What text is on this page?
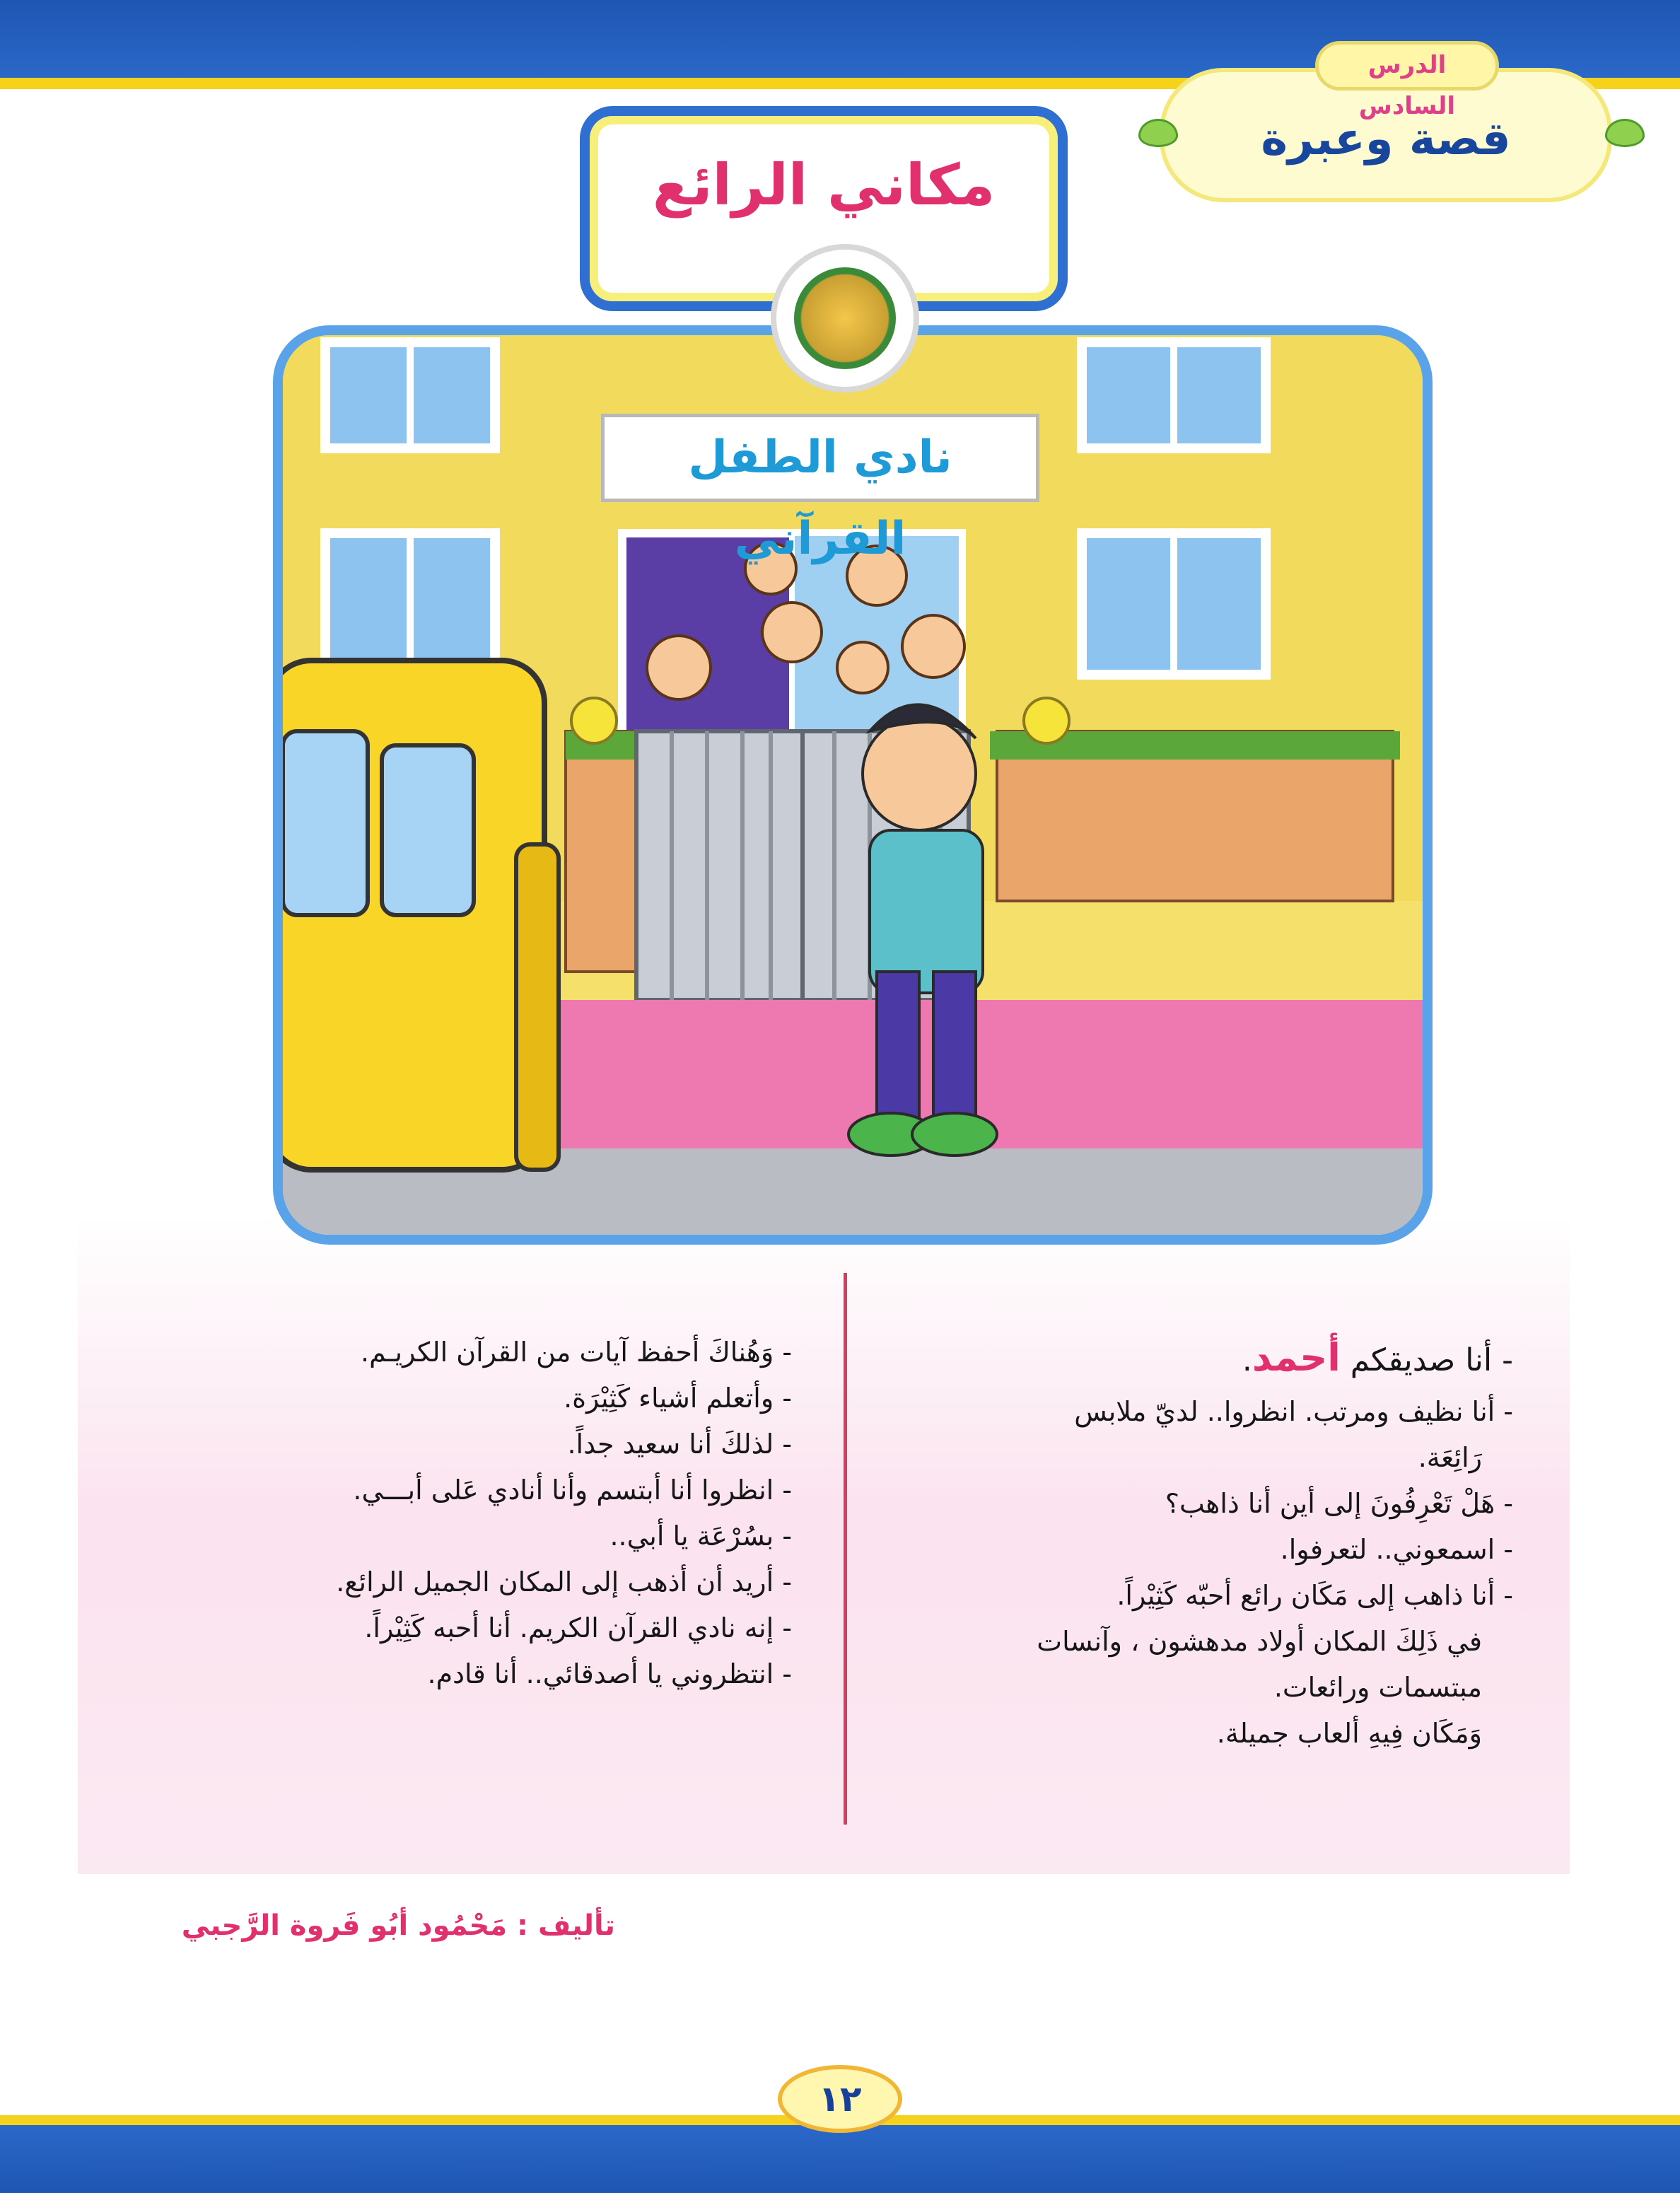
الدرس السادس
قصة وعبرة
نادي الطفل القرآني
مكاني الرائع

- أنا صديقكم أحمد.

- أنا نظيف ومرتب. انظروا.. لديّ ملابس

رَائِعَة.

- هَلْ تَعْرِفُونَ إلى أين أنا ذاهب؟

- اسمعوني.. لتعرفوا.

- أنا ذاهب إلى مَكَان رائع أحبّه كَثِيْراً.

في ذَلِكَ المكان أولاد مدهشون ، وآنسات

مبتسمات ورائعات.

وَمَكَان فِيهِ ألعاب جميلة.

- وَهُناكَ أحفظ آيات من القرآن الكريـم.

- وأتعلم أشياء كَثِيْرَة.

- لذلكَ أنا سعيد جداً.

- انظروا أنا أبتسم وأنا أنادي عَلى أبـــي.

- بسُرْعَة يا أبي..

- أريد أن أذهب إلى المكان الجميل الرائع.

- إنه نادي القرآن الكريم. أنا أحبه كَثِيْراً.

- انتظروني يا أصدقائي.. أنا قادم.

تأليف : مَحْمُود أبُو فَروة الرَّجبي
١٢
